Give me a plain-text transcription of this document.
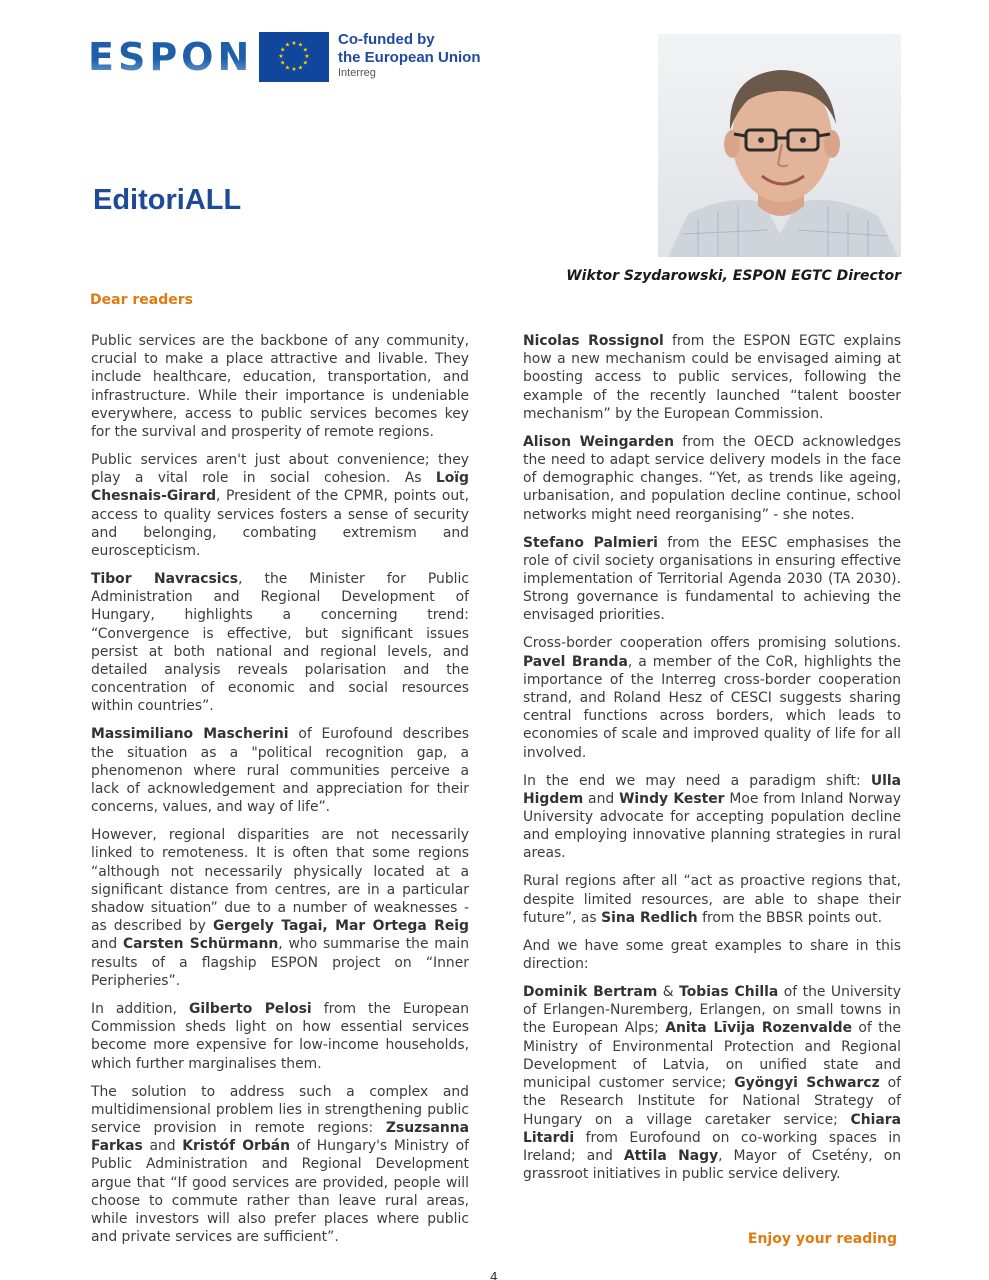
ESPON	★ ★
★
★
★
★
★
★
★
★
★
★	Co-funded by
the European Union
Interreg
EditoriALL
Wiktor Szydarowski, ESPON EGTC Director
Dear readers

Public services are the backbone of any community, crucial to make a place attractive and livable. They include healthcare, education, transportation, and infrastructure. While their importance is undeniable everywhere, access to public services becomes key for the survival and prosperity of remote regions.

Public services aren't just about convenience; they play a vital role in social cohesion. As Loïg Chesnais-Girard, President of the CPMR, points out, access to quality services fosters a sense of security and belonging, combating extremism and euroscepticism.

Tibor Navracsics, the Minister for Public Administration and Regional Development of Hungary, highlights a concerning trend: “Convergence is effective, but significant issues persist at both national and regional levels, and detailed analysis reveals polarisation and the concentration of economic and social resources within countries”.

Massimiliano Mascherini of Eurofound describes the situation as a "political recognition gap, a phenomenon where rural communities perceive a lack of acknowledgement and appreciation for their concerns, values, and way of life”.

However, regional disparities are not necessarily linked to remoteness. It is often that some regions “although not necessarily physically located at a significant distance from centres, are in a particular shadow situation” due to a number of weaknesses - as described by Gergely Tagai, Mar Ortega Reig and Carsten Schürmann, who summarise the main results of a flagship ESPON project on “Inner Peripheries”.

In addition, Gilberto Pelosi from the European Commission sheds light on how essential services become more expensive for low-income households, which further marginalises them.

The solution to address such a complex and multidimensional problem lies in strengthening public service provision in remote regions: Zsuzsanna Farkas and Kristóf Orbán of Hungary's Ministry of Public Administration and Regional Development argue that “If good services are provided, people will choose to commute rather than leave rural areas, while investors will also prefer places where public and private services are sufficient”.

Nicolas Rossignol from the ESPON EGTC explains how a new mechanism could be envisaged aiming at boosting access to public services, following the example of the recently launched “talent booster mechanism” by the European Commission.

Alison Weingarden from the OECD acknowledges the need to adapt service delivery models in the face of demographic changes. “Yet, as trends like ageing, urbanisation, and population decline continue, school networks might need reorganising” - she notes.

Stefano Palmieri from the EESC emphasises the role of civil society organisations in ensuring effective implementation of Territorial Agenda 2030 (TA 2030). Strong governance is fundamental to achieving the envisaged priorities.

Cross-border cooperation offers promising solutions. Pavel Branda, a member of the CoR, highlights the importance of the Interreg cross-border cooperation strand, and Roland Hesz of CESCI suggests sharing central functions across borders, which leads to economies of scale and improved quality of life for all involved.

In the end we may need a paradigm shift: Ulla Higdem and Windy Kester Moe from Inland Norway University advocate for accepting population decline and employing innovative planning strategies in rural areas.

Rural regions after all “act as proactive regions that, despite limited resources, are able to shape their future”, as Sina Redlich from the BBSR points out.

And we have some great examples to share in this direction:

Dominik Bertram & Tobias Chilla of the University of Erlangen-Nuremberg, Erlangen, on small towns in the European Alps; Anita Līvija Rozenvalde of the Ministry of Environmental Protection and Regional Development of Latvia, on unified state and municipal customer service; Gyöngyi Schwarcz of the Research Institute for National Strategy of Hungary on a village caretaker service; Chiara Litardi from Eurofound on co-working spaces in Ireland; and Attila Nagy, Mayor of Csetény, on grassroot initiatives in public service delivery.

Enjoy your reading
4
